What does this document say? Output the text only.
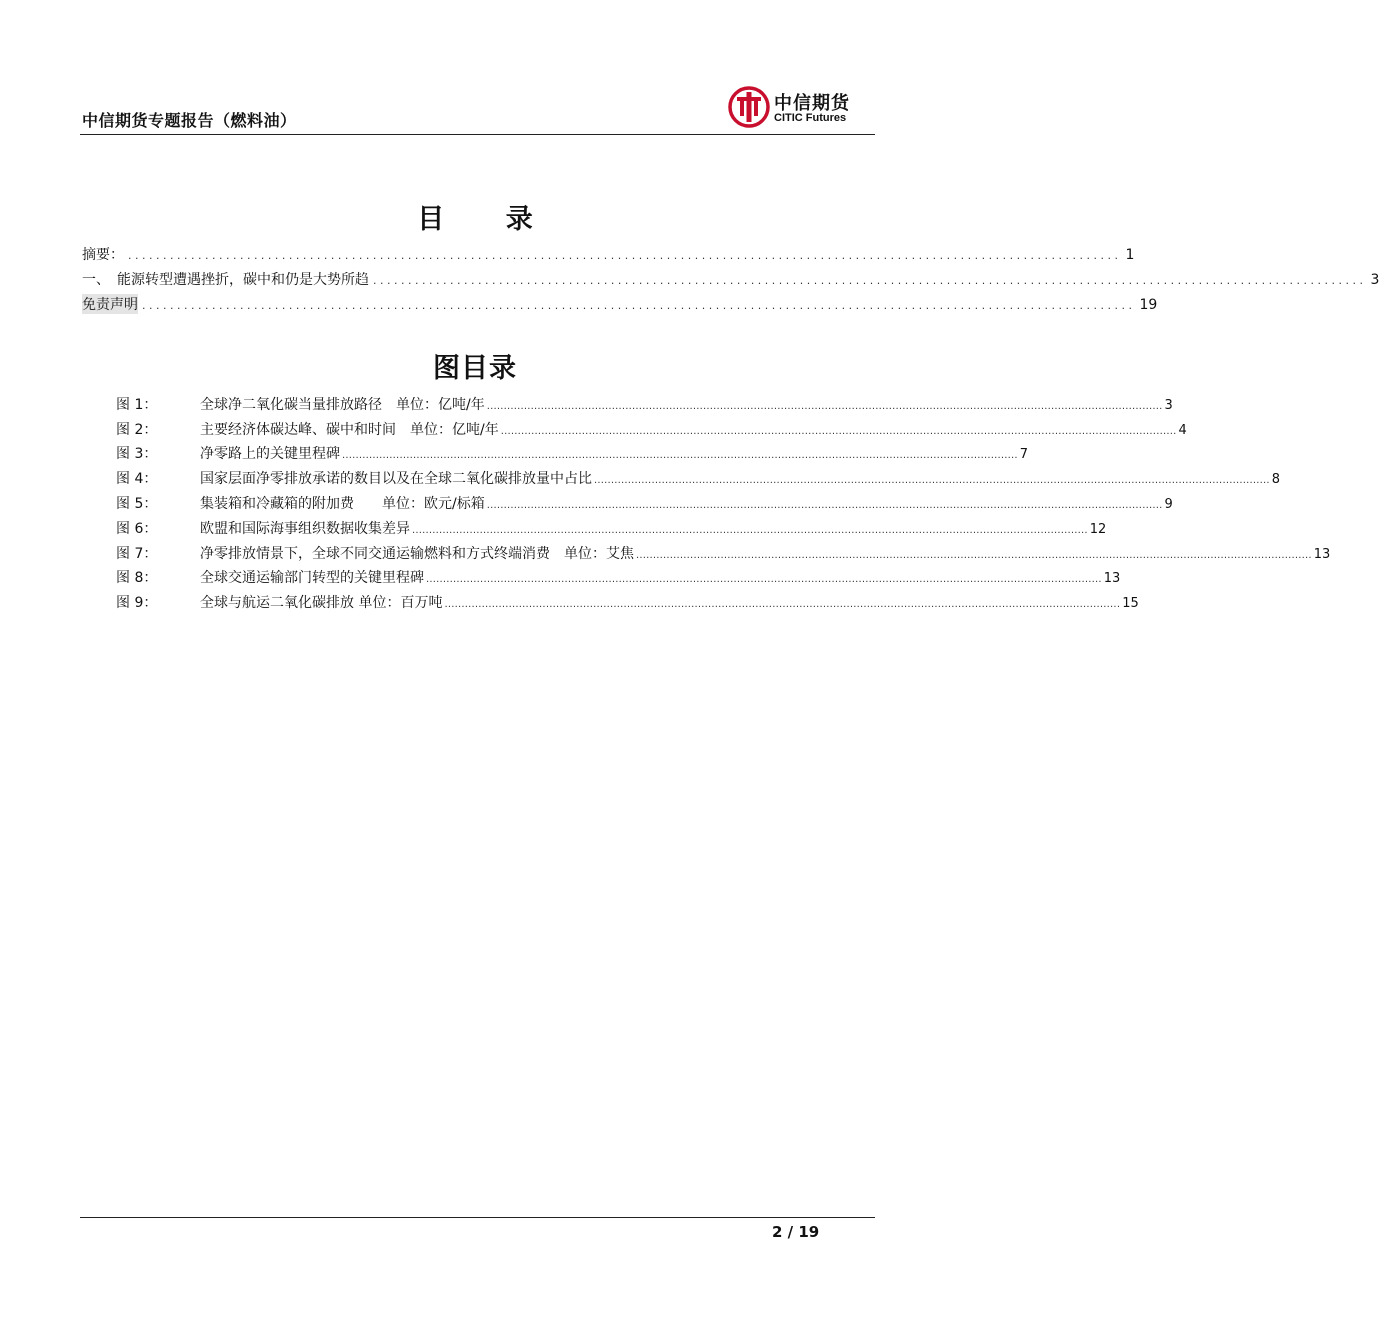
中信期货专题报告（燃料油）
中信期货
CITIC Futures
目 录
摘要： .............................................................................................................................................. 1
一、　能源转型遭遇挫折，碳中和仍是大势所趋 .............................................................................................................................................. 3
免责声明 .............................................................................................................................................. 19
图目录
图 1：	全球净二氧化碳当量排放路径　单位：亿吨/年 ........................................................................................................................................................................................................ 3
图 2：	主要经济体碳达峰、碳中和时间　单位：亿吨/年 ........................................................................................................................................................................................................ 4
图 3：	净零路上的关键里程碑 ........................................................................................................................................................................................................ 7
图 4：	国家层面净零排放承诺的数目以及在全球二氧化碳排放量中占比 ........................................................................................................................................................................................................ 8
图 5：	集装箱和冷藏箱的附加费　　单位：欧元/标箱 ........................................................................................................................................................................................................ 9
图 6：	欧盟和国际海事组织数据收集差异 ........................................................................................................................................................................................................ 12
图 7：	净零排放情景下，全球不同交通运输燃料和方式终端消费　单位：艾焦 ........................................................................................................................................................................................................ 13
图 8：	全球交通运输部门转型的关键里程碑 ........................................................................................................................................................................................................ 13
图 9：	全球与航运二氧化碳排放 单位：百万吨 ........................................................................................................................................................................................................ 15
2 / 19
